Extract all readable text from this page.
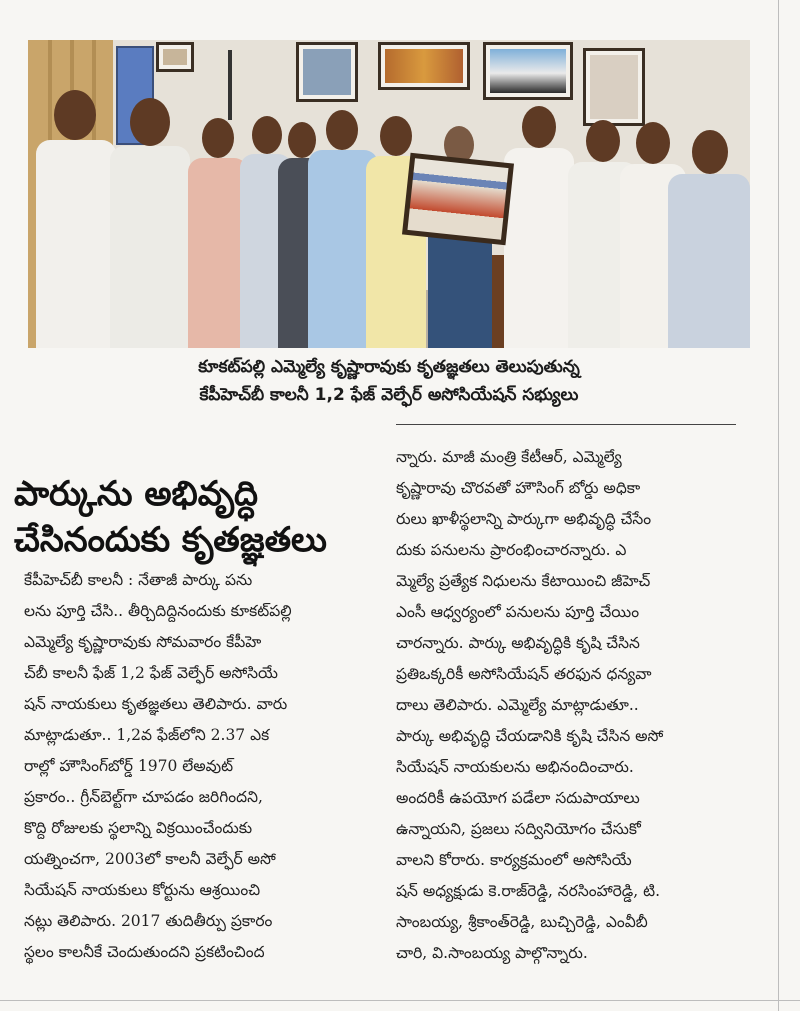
కూకట్‌పల్లి ఎమ్మెల్యే కృష్ణారావుకు కృతజ్ఞతలు తెలుపుతున్న
కేపీహెచ్‌బీ కాలనీ 1,2 ఫేజ్ వెల్ఫేర్ అసోసియేషన్ సభ్యులు
పార్కును అభివృద్ధి
చేసినందుకు కృతజ్ఞతలు
కేపీహెచ్‌బీ కాలనీ : నేతాజీ పార్కు పను
లను పూర్తి చేసి.. తీర్చిదిద్దినందుకు కూకట్‌పల్లి
ఎమ్మెల్యే కృష్ణారావుకు సోమవారం కేపీహె
చ్‌బీ కాలనీ ఫేజ్ 1,2 ఫేజ్ వెల్ఫేర్ అసోసియే
షన్ నాయకులు కృతజ్ఞతలు తెలిపారు. వారు
మాట్లాడుతూ.. 1,2వ ఫేజ్‌లోని 2.37 ఎక
రాల్లో హౌసింగ్‌బోర్డ్ 1970 లేఅవుట్
ప్రకారం.. గ్రీన్‌బెల్ట్‌గా చూపడం జరిగిందని,
కొద్ది రోజులకు స్థలాన్ని విక్రయించేందుకు
యత్నించగా, 2003లో కాలనీ వెల్ఫేర్ అసో
సియేషన్ నాయకులు కోర్టును ఆశ్రయించి
నట్లు తెలిపారు. 2017 తుదితీర్పు ప్రకారం
స్థలం కాలనీకే చెందుతుందని ప్రకటించింద
న్నారు. మాజీ మంత్రి కేటీఆర్, ఎమ్మెల్యే
కృష్ణారావు చొరవతో హౌసింగ్ బోర్డు అధికా
రులు ఖాళీస్థలాన్ని పార్కుగా అభివృద్ధి చేసేం
దుకు పనులను ప్రారంభించారన్నారు. ఎ
మ్మెల్యే ప్రత్యేక నిధులను కేటాయించి జీహెచ్
ఎంసీ ఆధ్వర్యంలో పనులను పూర్తి చేయిం
చారన్నారు. పార్కు అభివృద్ధికి కృషి చేసిన
ప్రతిఒక్కరికీ అసోసియేషన్ తరఫున ధన్యవా
దాలు తెలిపారు. ఎమ్మెల్యే మాట్లాడుతూ..
పార్కు అభివృద్ధి చేయడానికి కృషి చేసిన అసో
సియేషన్ నాయకులను అభినందించారు.
అందరికీ ఉపయోగ పడేలా సదుపాయాలు
ఉన్నాయని, ప్రజలు సద్వినియోగం చేసుకో
వాలని కోరారు. కార్యక్రమంలో అసోసియే
షన్ అధ్యక్షుడు కె.రాజ్‌రెడ్డి, నరసింహారెడ్డి, టి.
సాంబయ్య, శ్రీకాంత్‌రెడ్డి, బుచ్చిరెడ్డి, ఎంవీబీ
చారి, వి.సాంబయ్య పాల్గొన్నారు.
